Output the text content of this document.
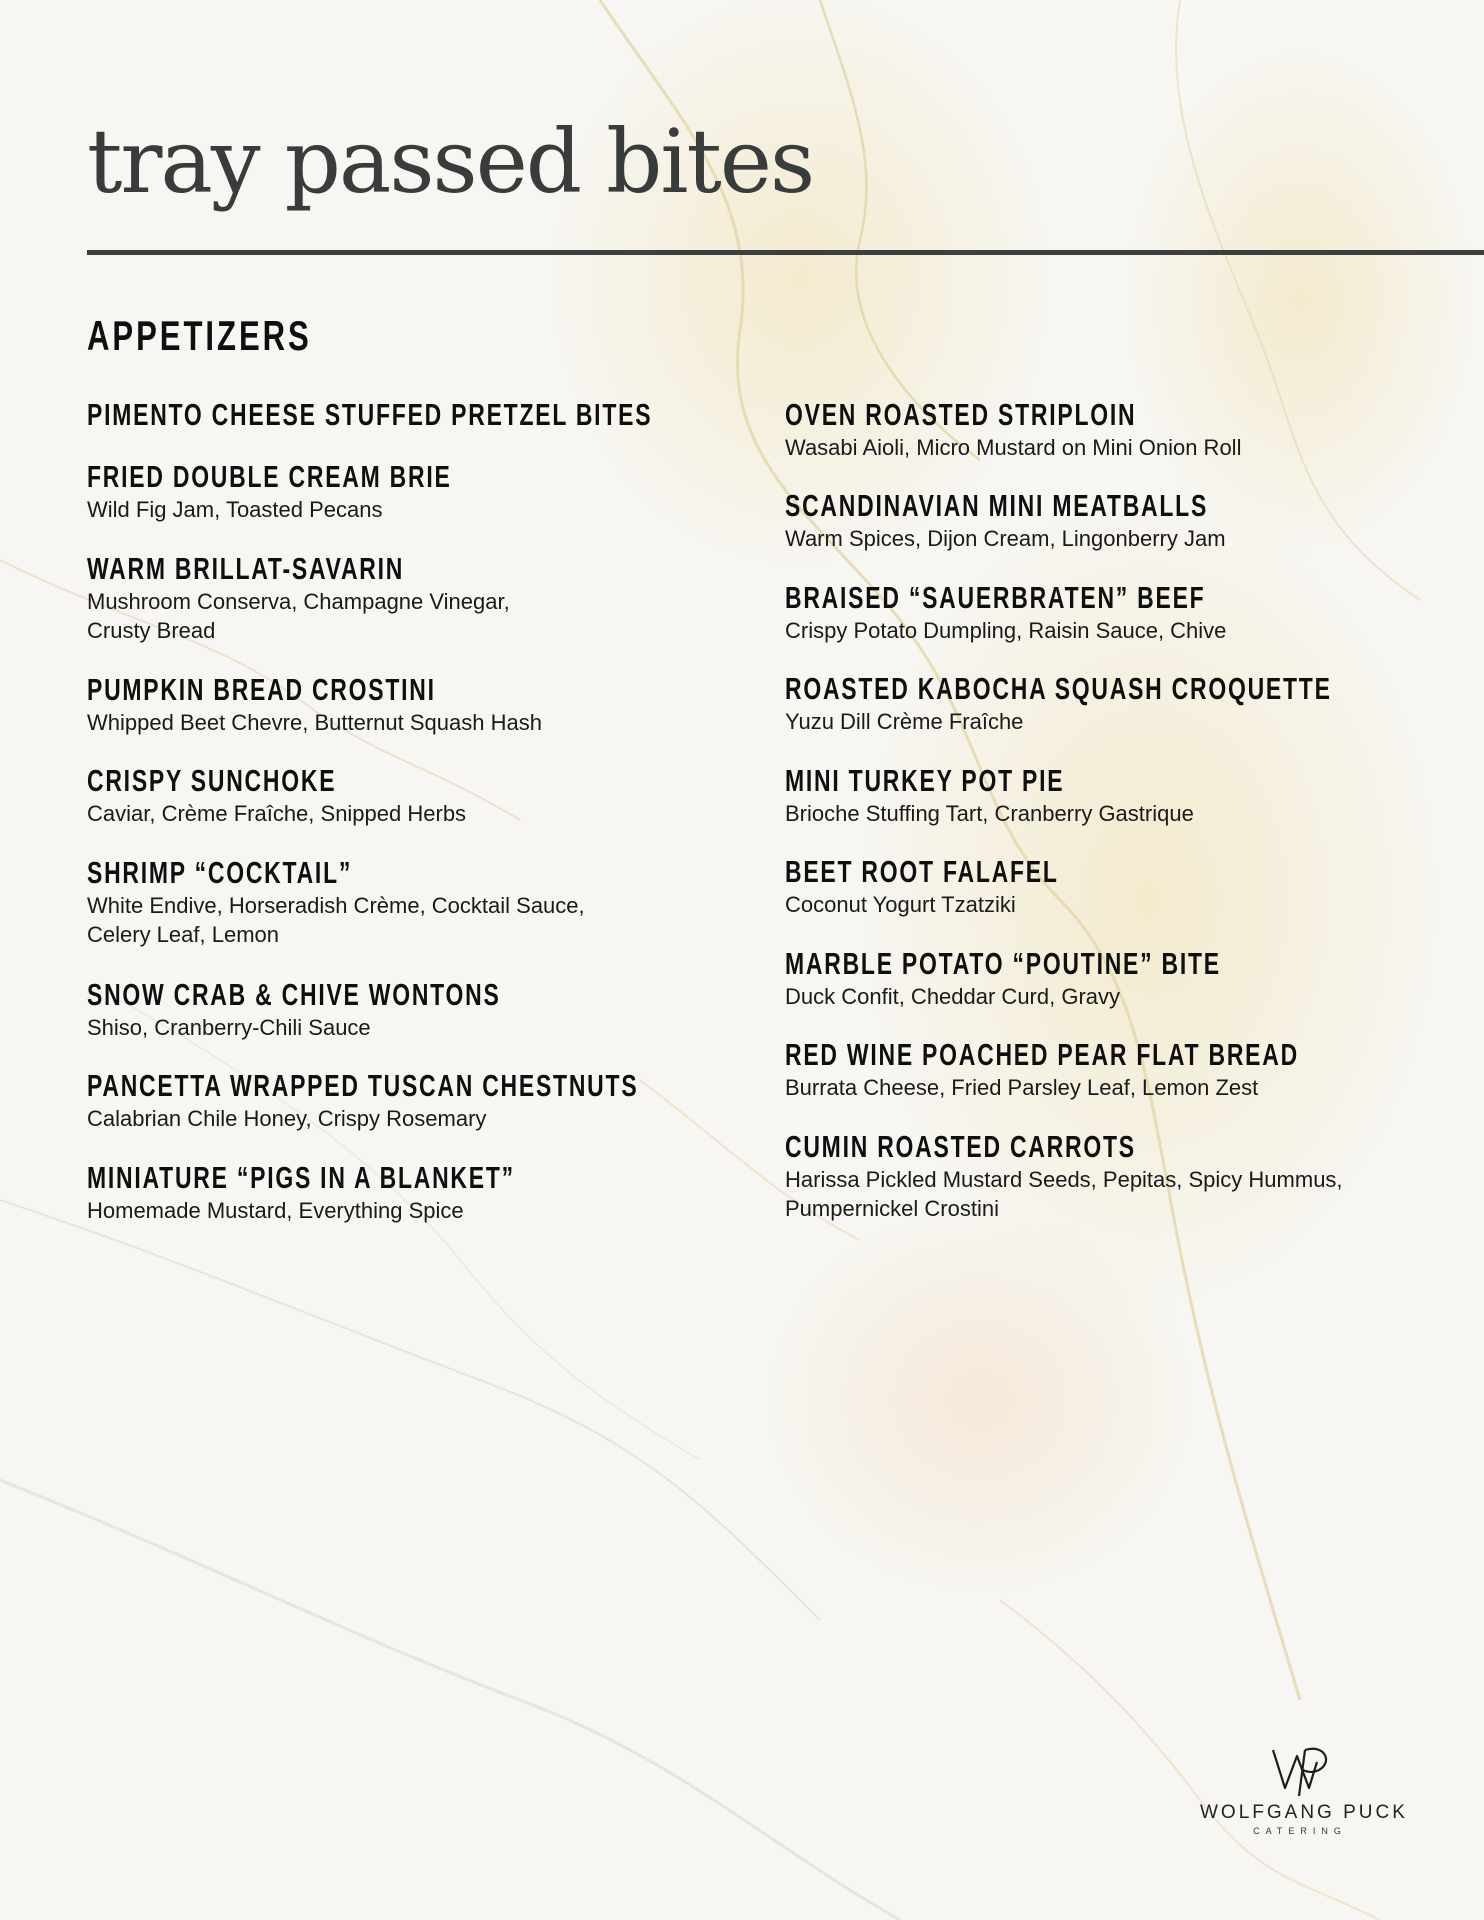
tray passed bites
APPETIZERS
PIMENTO CHEESE STUFFED PRETZEL BITES
FRIED DOUBLE CREAM BRIE
Wild Fig Jam, Toasted Pecans
WARM BRILLAT-SAVARIN
Mushroom Conserva, Champagne Vinegar,
Crusty Bread
PUMPKIN BREAD CROSTINI
Whipped Beet Chevre, Butternut Squash Hash
CRISPY SUNCHOKE
Caviar, Crème Fraîche, Snipped Herbs
SHRIMP “COCKTAIL”
White Endive, Horseradish Crème, Cocktail Sauce,
Celery Leaf, Lemon
SNOW CRAB & CHIVE WONTONS
Shiso, Cranberry-Chili Sauce
PANCETTA WRAPPED TUSCAN CHESTNUTS
Calabrian Chile Honey, Crispy Rosemary
MINIATURE “PIGS IN A BLANKET”
Homemade Mustard, Everything Spice
OVEN ROASTED STRIPLOIN
Wasabi Aioli, Micro Mustard on Mini Onion Roll
SCANDINAVIAN MINI MEATBALLS
Warm Spices, Dijon Cream, Lingonberry Jam
BRAISED “SAUERBRATEN” BEEF
Crispy Potato Dumpling, Raisin Sauce, Chive
ROASTED KABOCHA SQUASH CROQUETTE
Yuzu Dill Crème Fraîche
MINI TURKEY POT PIE
Brioche Stuffing Tart, Cranberry Gastrique
BEET ROOT FALAFEL
Coconut Yogurt Tzatziki
MARBLE POTATO “POUTINE” BITE
Duck Confit, Cheddar Curd, Gravy
RED WINE POACHED PEAR FLAT BREAD
Burrata Cheese, Fried Parsley Leaf, Lemon Zest
CUMIN ROASTED CARROTS
Harissa Pickled Mustard Seeds, Pepitas, Spicy Hummus,
Pumpernickel Crostini
WOLFGANG PUCK
CATERING
